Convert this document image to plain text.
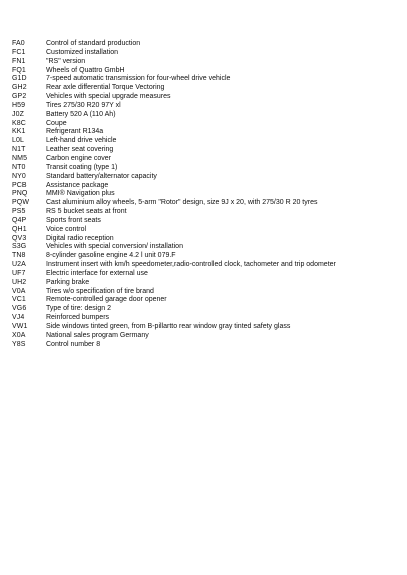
FA0	Control of standard production
FC1	Customized installation
FN1	"RS" version
FQ1	Wheels of Quattro GmbH
G1D	7-speed automatic transmission for four-wheel drive vehicle
GH2	Rear axle differential Torque Vectoring
GP2	Vehicles with special upgrade measures
H59	Tires 275/30 R20 97Y xl
J0Z	Battery 520 A (110 Ah)
K8C	Coupe
KK1	Refrigerant R134a
L0L	Left-hand drive vehicle
N1T	Leather seat covering
NM5	Carbon engine cover
NT0	Transit coating (type 1)
NY0	Standard battery/alternator capacity
PCB	Assistance package
PNQ	MMI® Navigation plus
PQW	Cast aluminium alloy wheels, 5-arm "Rotor" design, size 9J x 20, with 275/30 R 20 tyres
PS5	RS 5 bucket seats at front
Q4P	Sports front seats
QH1	Voice control
QV3	Digital radio reception
S3G	Vehicles with special conversion/ installation
TN8	8-cylinder gasoline engine 4.2 l unit 079.F
U2A	Instrument insert with km/h speedometer,radio-controlled clock, tachometer and trip odometer
UF7	Electric interface for external use
UH2	Parking brake
V0A	Tires w/o specification of tire brand
VC1	Remote-controlled garage door opener
VG6	Type of tire: design 2
VJ4	Reinforced bumpers
VW1	Side windows tinted green, from B-pillartto rear window gray tinted safety glass
X0A	National sales program Germany
Y8S	Control number 8
